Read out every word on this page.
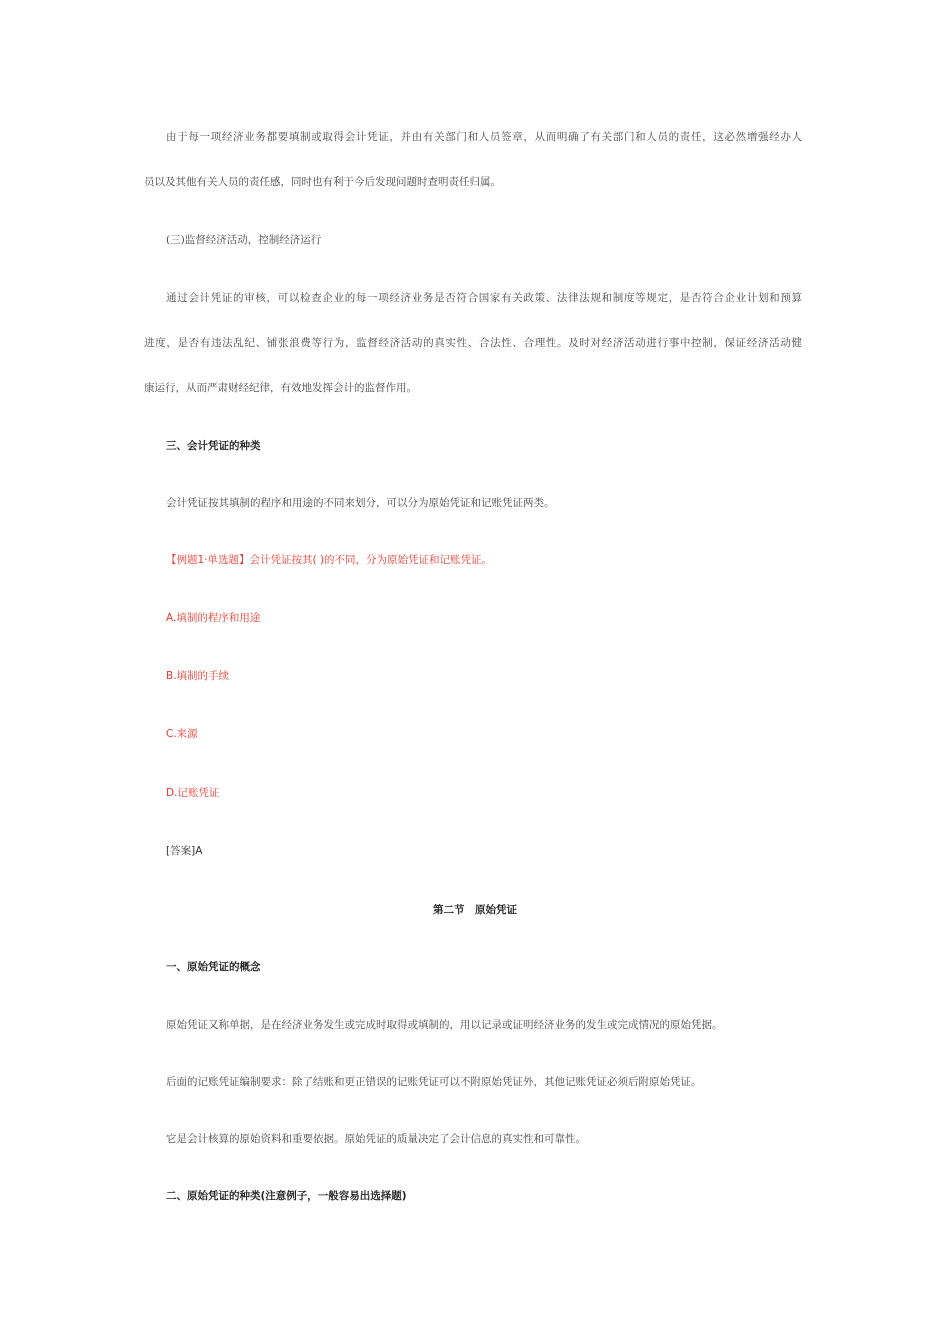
由于每一项经济业务都要填制或取得会计凭证，并由有关部门和人员签章，从而明确了有关部门和人员的责任，这必然增强经办人
员以及其他有关人员的责任感，同时也有利于今后发现问题时查明责任归属。
(三)监督经济活动，控制经济运行
通过会计凭证的审核，可以检查企业的每一项经济业务是否符合国家有关政策、法律法规和制度等规定，是否符合企业计划和预算
进度，是否有违法乱纪、铺张浪费等行为，监督经济活动的真实性、合法性、合理性。及时对经济活动进行事中控制，保证经济活动健
康运行，从而严肃财经纪律，有效地发挥会计的监督作用。
三、会计凭证的种类
会计凭证按其填制的程序和用途的不同来划分，可以分为原始凭证和记账凭证两类。
【例题1·单选题】会计凭证按其( )的不同，分为原始凭证和记账凭证。
A.填制的程序和用途
B.填制的手续
C.来源
D.记账凭证
[答案]A
第二节　原始凭证
一、原始凭证的概念
原始凭证又称单据，是在经济业务发生或完成时取得或填制的，用以记录或证明经济业务的发生或完成情况的原始凭据。
后面的记账凭证编制要求：除了结账和更正错误的记账凭证可以不附原始凭证外，其他记账凭证必须后附原始凭证。
它是会计核算的原始资料和重要依据。原始凭证的质量决定了会计信息的真实性和可靠性。
二、原始凭证的种类(注意例子，一般容易出选择题)
